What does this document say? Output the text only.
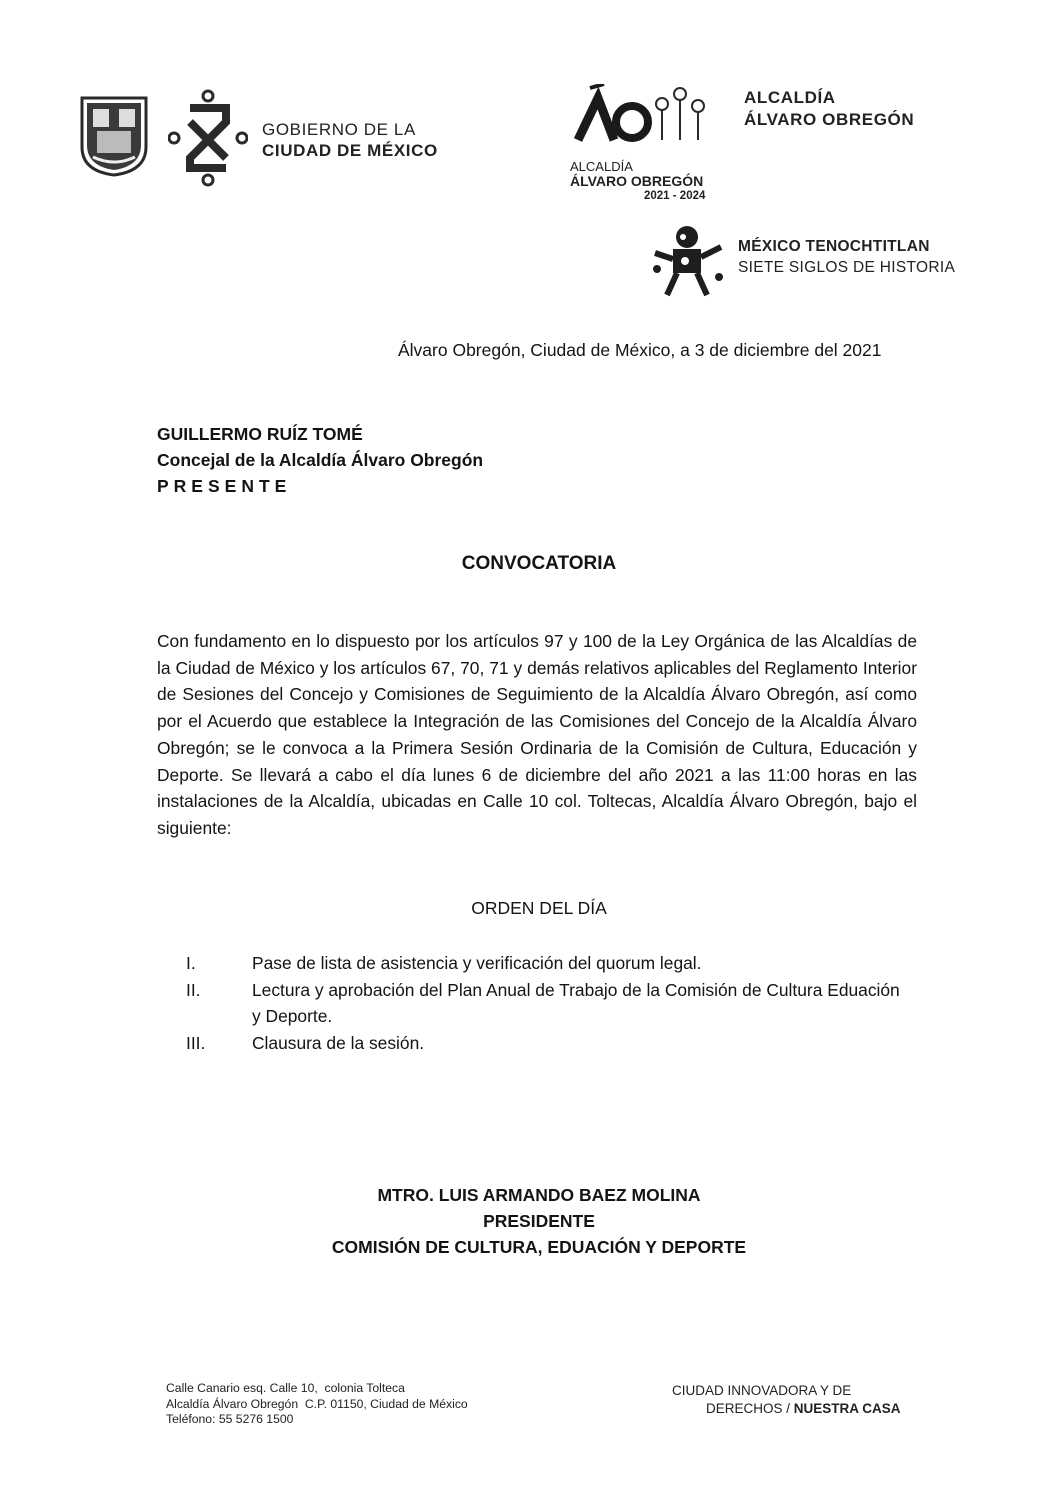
GOBIERNO DE LA
CIUDAD DE MÉXICO
ALCALDÍA
ÁLVARO OBREGÓN
2021 - 2024
ALCALDÍA
ÁLVARO OBREGÓN
MÉXICO TENOCHTITLAN
SIETE SIGLOS DE HISTORIA
Álvaro Obregón, Ciudad de México, a 3 de diciembre del 2021
GUILLERMO RUÍZ TOMÉ
Concejal de la Alcaldía Álvaro Obregón
PRESENTE
CONVOCATORIA
Con fundamento en lo dispuesto por los artículos 97 y 100 de la Ley Orgánica de las Alcaldías de la Ciudad de México y los artículos 67, 70, 71 y demás relativos aplicables del Reglamento Interior de Sesiones del Concejo y Comisiones de Seguimiento de la Alcaldía Álvaro Obregón, así como por el Acuerdo que establece la Integración de las Comisiones del Concejo de la Alcaldía Álvaro Obregón; se le convoca a la Primera Sesión Ordinaria de la Comisión de Cultura, Educación y Deporte. Se llevará a cabo el día lunes 6 de diciembre del año 2021 a las 11:00 horas en las instalaciones de la Alcaldía, ubicadas en Calle 10 col. Toltecas, Alcaldía Álvaro Obregón, bajo el siguiente:
ORDEN DEL DÍA
I.	Pase de lista de asistencia y verificación del quorum legal.
II.	Lectura y aprobación del Plan Anual de Trabajo de la Comisión de Cultura Eduación y Deporte.
III.	Clausura de la sesión.
MTRO. LUIS ARMANDO BAEZ MOLINA
PRESIDENTE
COMISIÓN DE CULTURA, EDUACIÓN Y DEPORTE
Calle Canario esq. Calle 10,  colonia Tolteca
Alcaldía Álvaro Obregón  C.P. 01150, Ciudad de México
Teléfono: 55 5276 1500
CIUDAD INNOVADORA Y DE
DERECHOS / NUESTRA CASA
